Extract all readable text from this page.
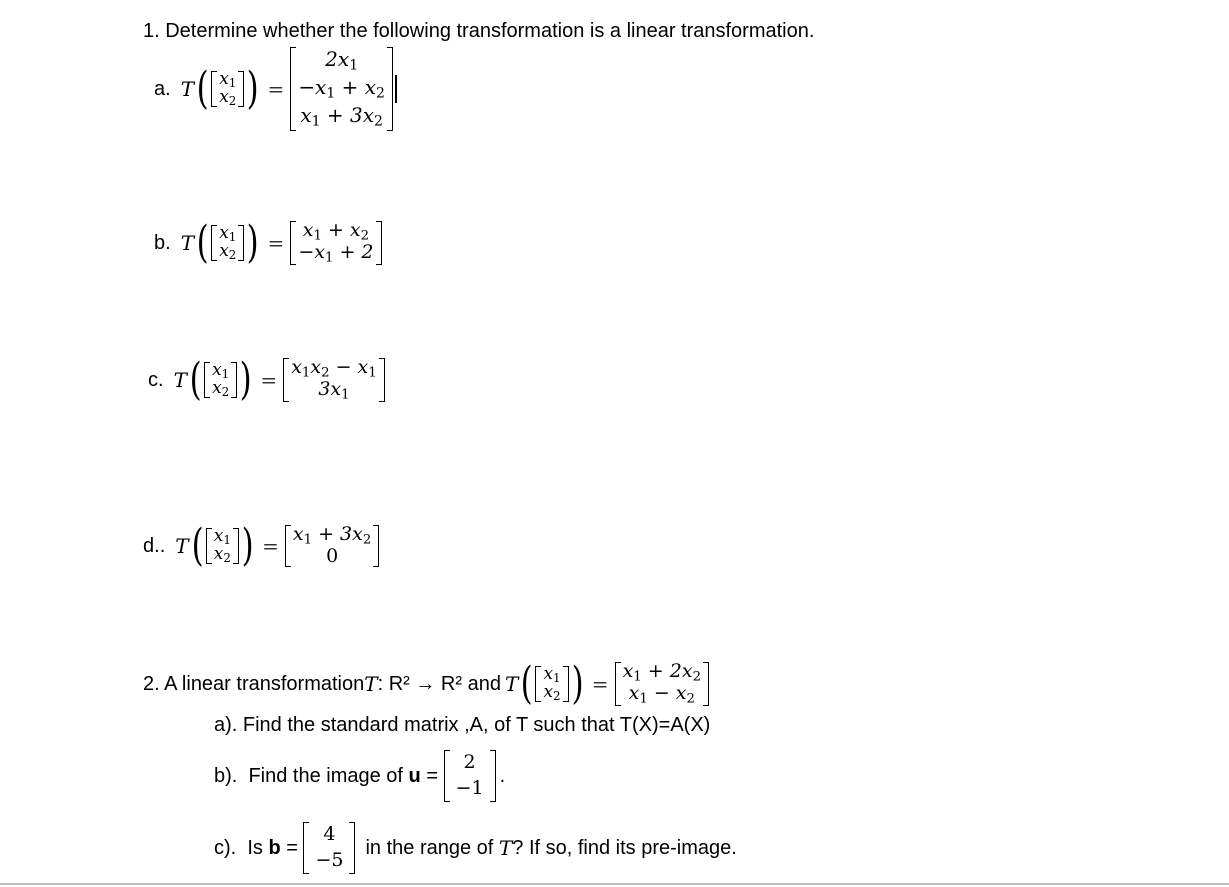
1. Determine whether the following transformation is a linear transformation.
a. T ( $x_1$
$x_2$ ) =
$2x_1$
$-x_1 + x_2$
$x_1 + 3x_2$
b. T ( $x_1$
$x_2$ ) =
$x_1 + x_2$
$-x_1 + 2$
c. T ( $x_1$
$x_2$ ) =
$x_1x_2 - x_1$
$3x_1$
d.. T ( $x_1$
$x_2$ ) =
$x_1 + 3x_2$
0
2. A linear transformation T : R² → R² and T ( $x_1$
$x_2$ ) =
$x_1 + 2x_2$
$x_1 - x_2$
a). Find the standard matrix ,A, of T such that T(X)=A(X)
b).  Find the image of u =
2
−1
.
c).  Is b =
4
−5
in the range of T ? If so, find its pre-image.
